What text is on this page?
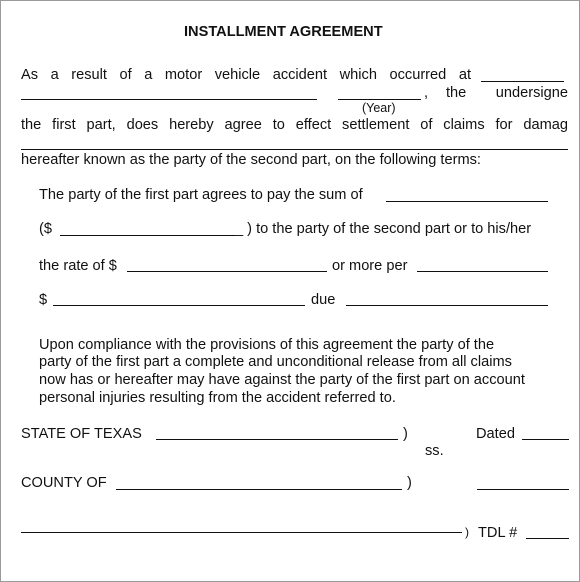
INSTALLMENT AGREEMENT
As a result of a motor vehicle accident which occurred at
,
(Year)
the undersigne
the first part, does hereby agree to effect settlement of claims for damag
hereafter known as the party of the second part, on the following terms:
The party of the first part agrees to pay the sum of
($	_ ) to the party of the second part or to his/her
the rate of $	or more per
$	due
Upon compliance with the provisions of this agreement the party of the
party of the first part a complete and unconditional release from all claims
now has or hereafter may have against the party of the first part on account
personal injuries resulting from the accident referred to.
STATE OF TEXAS	)	Dated
ss.
COUNTY OF	)
) TDL #
